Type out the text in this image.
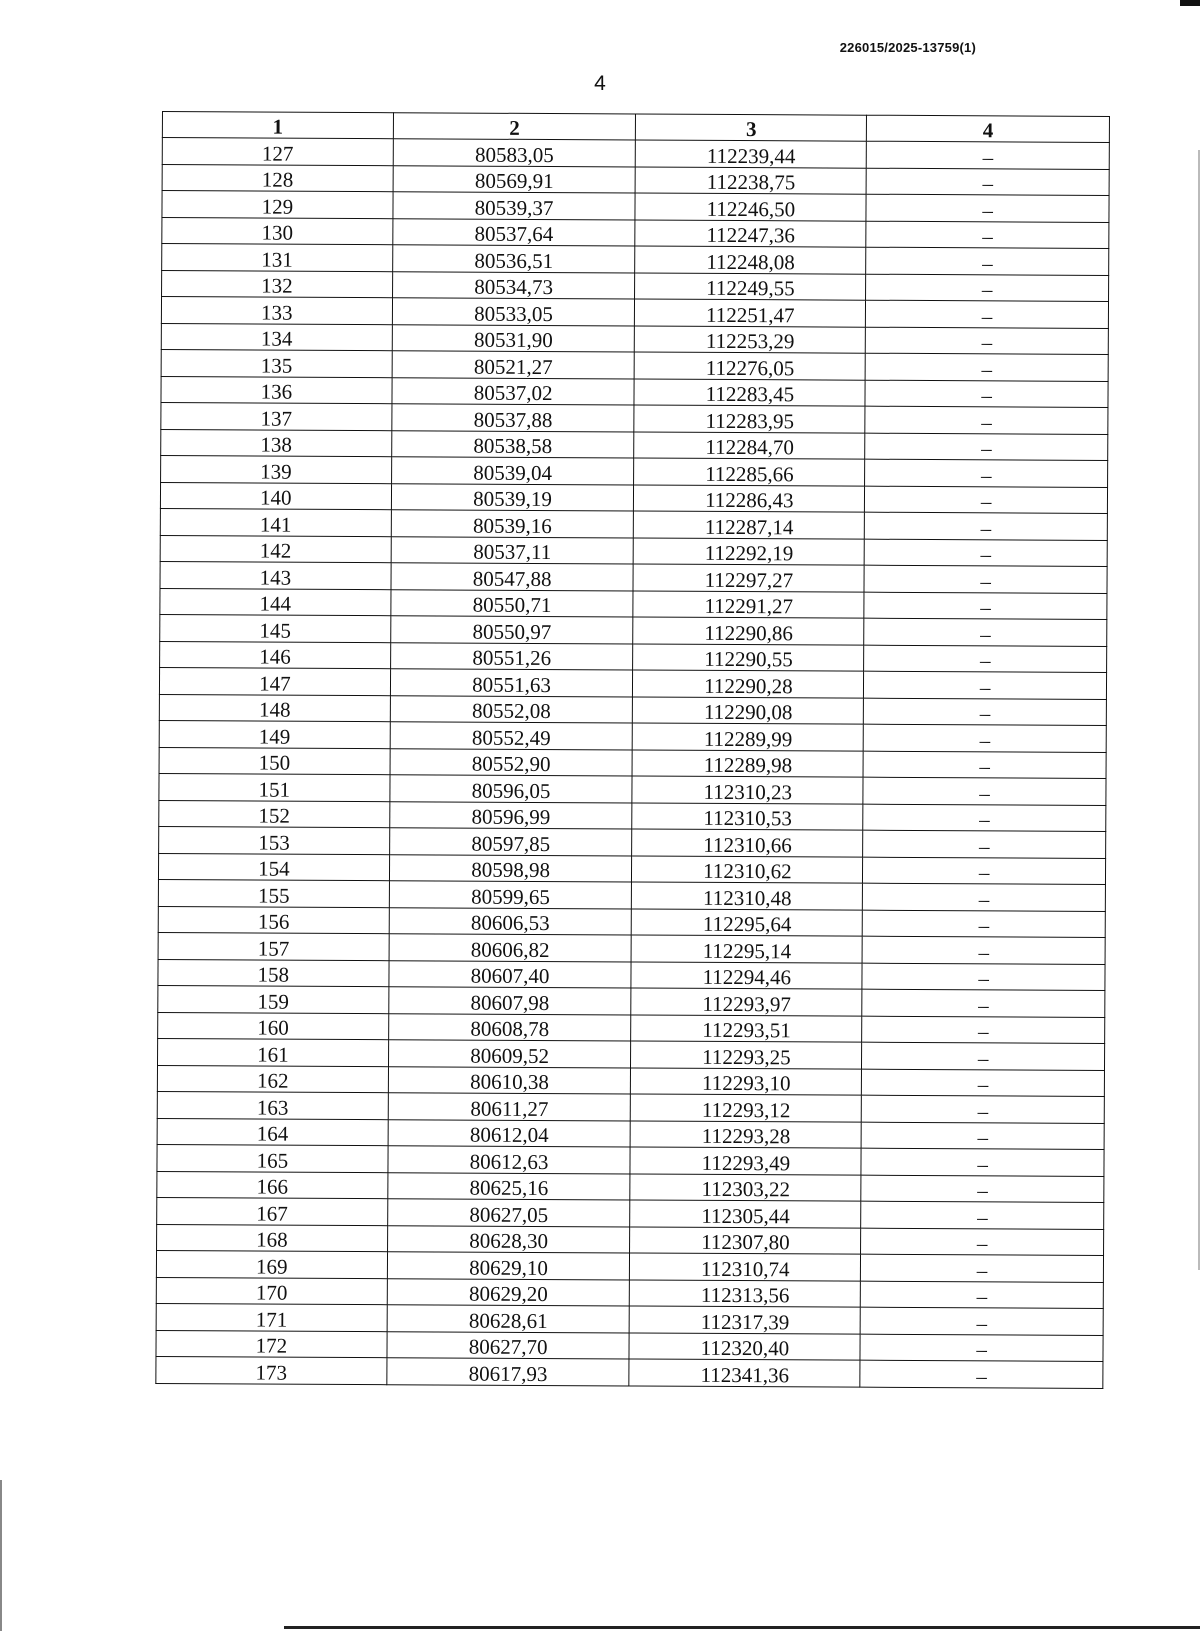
226015/2025-13759(1)
4
1	2	3	4
127	80583,05	112239,44	–
128	80569,91	112238,75	–
129	80539,37	112246,50	–
130	80537,64	112247,36	–
131	80536,51	112248,08	–
132	80534,73	112249,55	–
133	80533,05	112251,47	–
134	80531,90	112253,29	–
135	80521,27	112276,05	–
136	80537,02	112283,45	–
137	80537,88	112283,95	–
138	80538,58	112284,70	–
139	80539,04	112285,66	–
140	80539,19	112286,43	–
141	80539,16	112287,14	–
142	80537,11	112292,19	–
143	80547,88	112297,27	–
144	80550,71	112291,27	–
145	80550,97	112290,86	–
146	80551,26	112290,55	–
147	80551,63	112290,28	–
148	80552,08	112290,08	–
149	80552,49	112289,99	–
150	80552,90	112289,98	–
151	80596,05	112310,23	–
152	80596,99	112310,53	–
153	80597,85	112310,66	–
154	80598,98	112310,62	–
155	80599,65	112310,48	–
156	80606,53	112295,64	–
157	80606,82	112295,14	–
158	80607,40	112294,46	–
159	80607,98	112293,97	–
160	80608,78	112293,51	–
161	80609,52	112293,25	–
162	80610,38	112293,10	–
163	80611,27	112293,12	–
164	80612,04	112293,28	–
165	80612,63	112293,49	–
166	80625,16	112303,22	–
167	80627,05	112305,44	–
168	80628,30	112307,80	–
169	80629,10	112310,74	–
170	80629,20	112313,56	–
171	80628,61	112317,39	–
172	80627,70	112320,40	–
173	80617,93	112341,36	–
